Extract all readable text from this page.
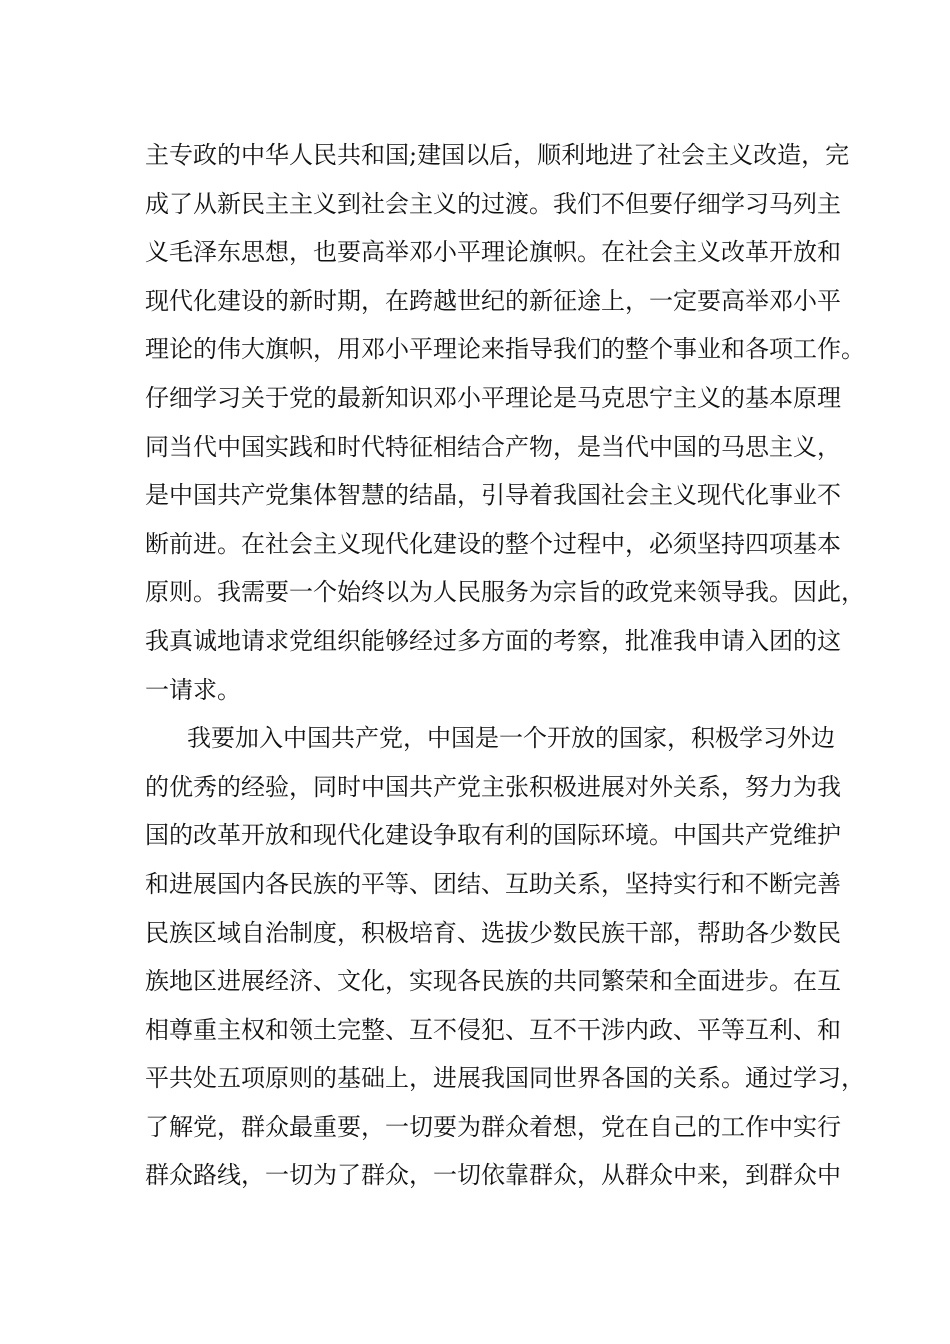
主专政的中华人民共和国;建国以后，顺利地进了社会主义改造，完
成了从新民主主义到社会主义的过渡。我们不但要仔细学习马列主
义毛泽东思想，也要高举邓小平理论旗帜。在社会主义改革开放和
现代化建设的新时期，在跨越世纪的新征途上，一定要高举邓小平
理论的伟大旗帜，用邓小平理论来指导我们的整个事业和各项工作。
仔细学习关于党的最新知识邓小平理论是马克思宁主义的基本原理
同当代中国实践和时代特征相结合产物，是当代中国的马思主义，
是中国共产党集体智慧的结晶，引导着我国社会主义现代化事业不
断前进。在社会主义现代化建设的整个过程中，必须坚持四项基本
原则。我需要一个始终以为人民服务为宗旨的政党来领导我。因此，
我真诚地请求党组织能够经过多方面的考察，批准我申请入团的这
一请求。
我要加入中国共产党，中国是一个开放的国家，积极学习外边
的优秀的经验，同时中国共产党主张积极进展对外关系，努力为我
国的改革开放和现代化建设争取有利的国际环境。中国共产党维护
和进展国内各民族的平等、团结、互助关系，坚持实行和不断完善
民族区域自治制度，积极培育、选拔少数民族干部，帮助各少数民
族地区进展经济、文化，实现各民族的共同繁荣和全面进步。在互
相尊重主权和领土完整、互不侵犯、互不干涉内政、平等互利、和
平共处五项原则的基础上，进展我国同世界各国的关系。通过学习，
了解党，群众最重要，一切要为群众着想，党在自己的工作中实行
群众路线，一切为了群众，一切依靠群众，从群众中来，到群众中
